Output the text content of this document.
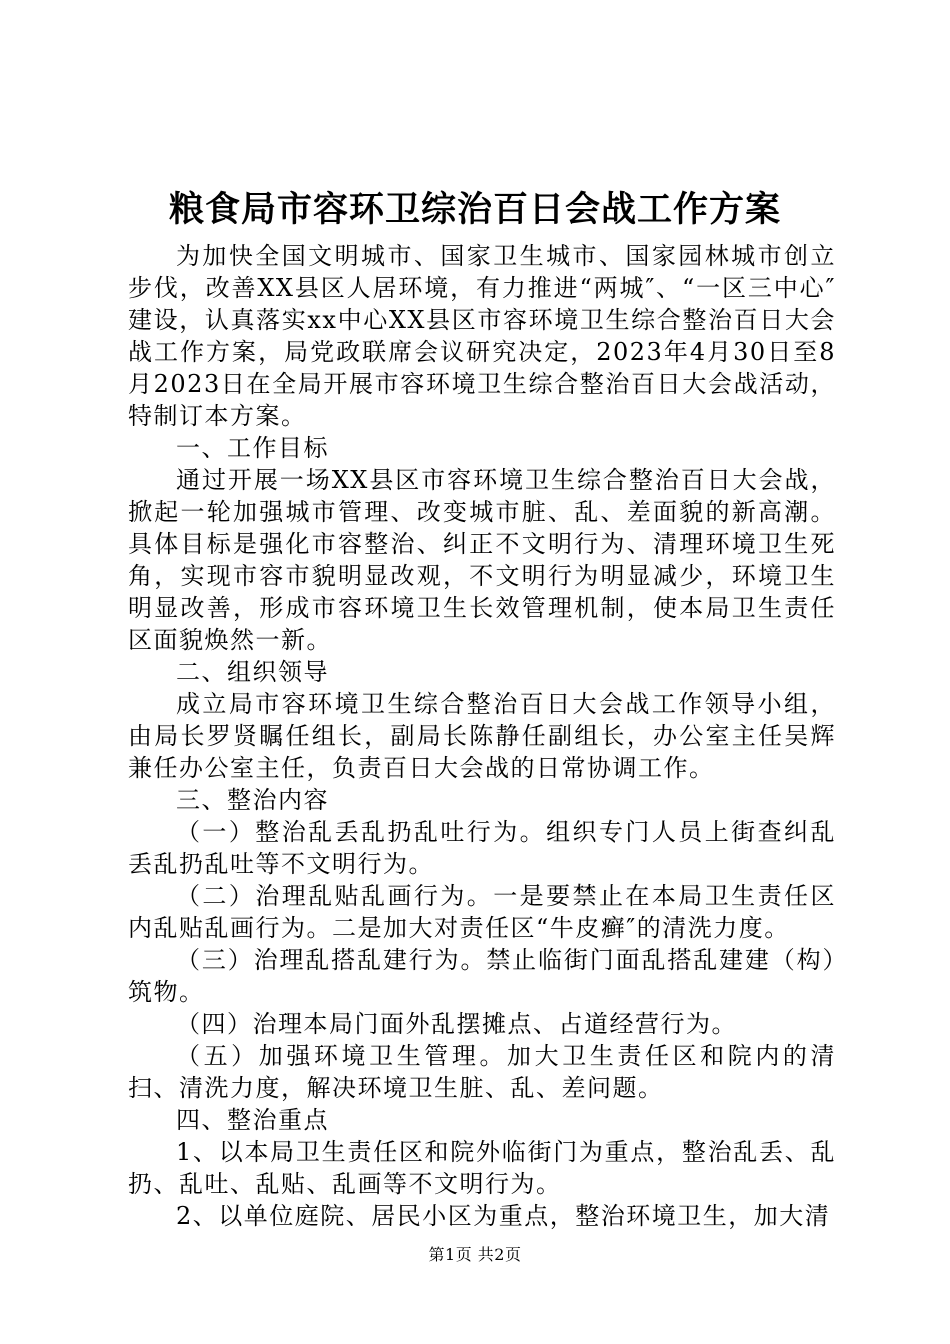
粮食局市容环卫综治百日会战工作方案

为加快全国文明城市、国家卫生城市、国家园林城市创立步伐，改善XX县区人居环境，有力推进“两城″、“一区三中心″建设，认真落实xx中心XX县区市容环境卫生综合整治百日大会战工作方案，局党政联席会议研究决定，2023年4月30日至8月2023日在全局开展市容环境卫生综合整治百日大会战活动，特制订本方案。

一、工作目标

通过开展一场XX县区市容环境卫生综合整治百日大会战，掀起一轮加强城市管理、改变城市脏、乱、差面貌的新高潮。具体目标是强化市容整治、纠正不文明行为、清理环境卫生死角，实现市容市貌明显改观，不文明行为明显减少，环境卫生明显改善，形成市容环境卫生长效管理机制，使本局卫生责任区面貌焕然一新。

二、组织领导

成立局市容环境卫生综合整治百日大会战工作领导小组，由局长罗贤瞩任组长，副局长陈静任副组长，办公室主任吴辉兼任办公室主任，负责百日大会战的日常协调工作。

三、整治内容

（一）整治乱丢乱扔乱吐行为。组织专门人员上街查纠乱丢乱扔乱吐等不文明行为。

（二）治理乱贴乱画行为。一是要禁止在本局卫生责任区内乱贴乱画行为。二是加大对责任区“牛皮癣″的清洗力度。

（三）治理乱搭乱建行为。禁止临街门面乱搭乱建建（构）筑物。

（四）治理本局门面外乱摆摊点、占道经营行为。

（五）加强环境卫生管理。加大卫生责任区和院内的清扫、清洗力度，解决环境卫生脏、乱、差问题。

四、整治重点

1、以本局卫生责任区和院外临街门为重点，整治乱丢、乱扔、乱吐、乱贴、乱画等不文明行为。

2、以单位庭院、居民小区为重点，整治环境卫生，加大清

第1页 共2页
